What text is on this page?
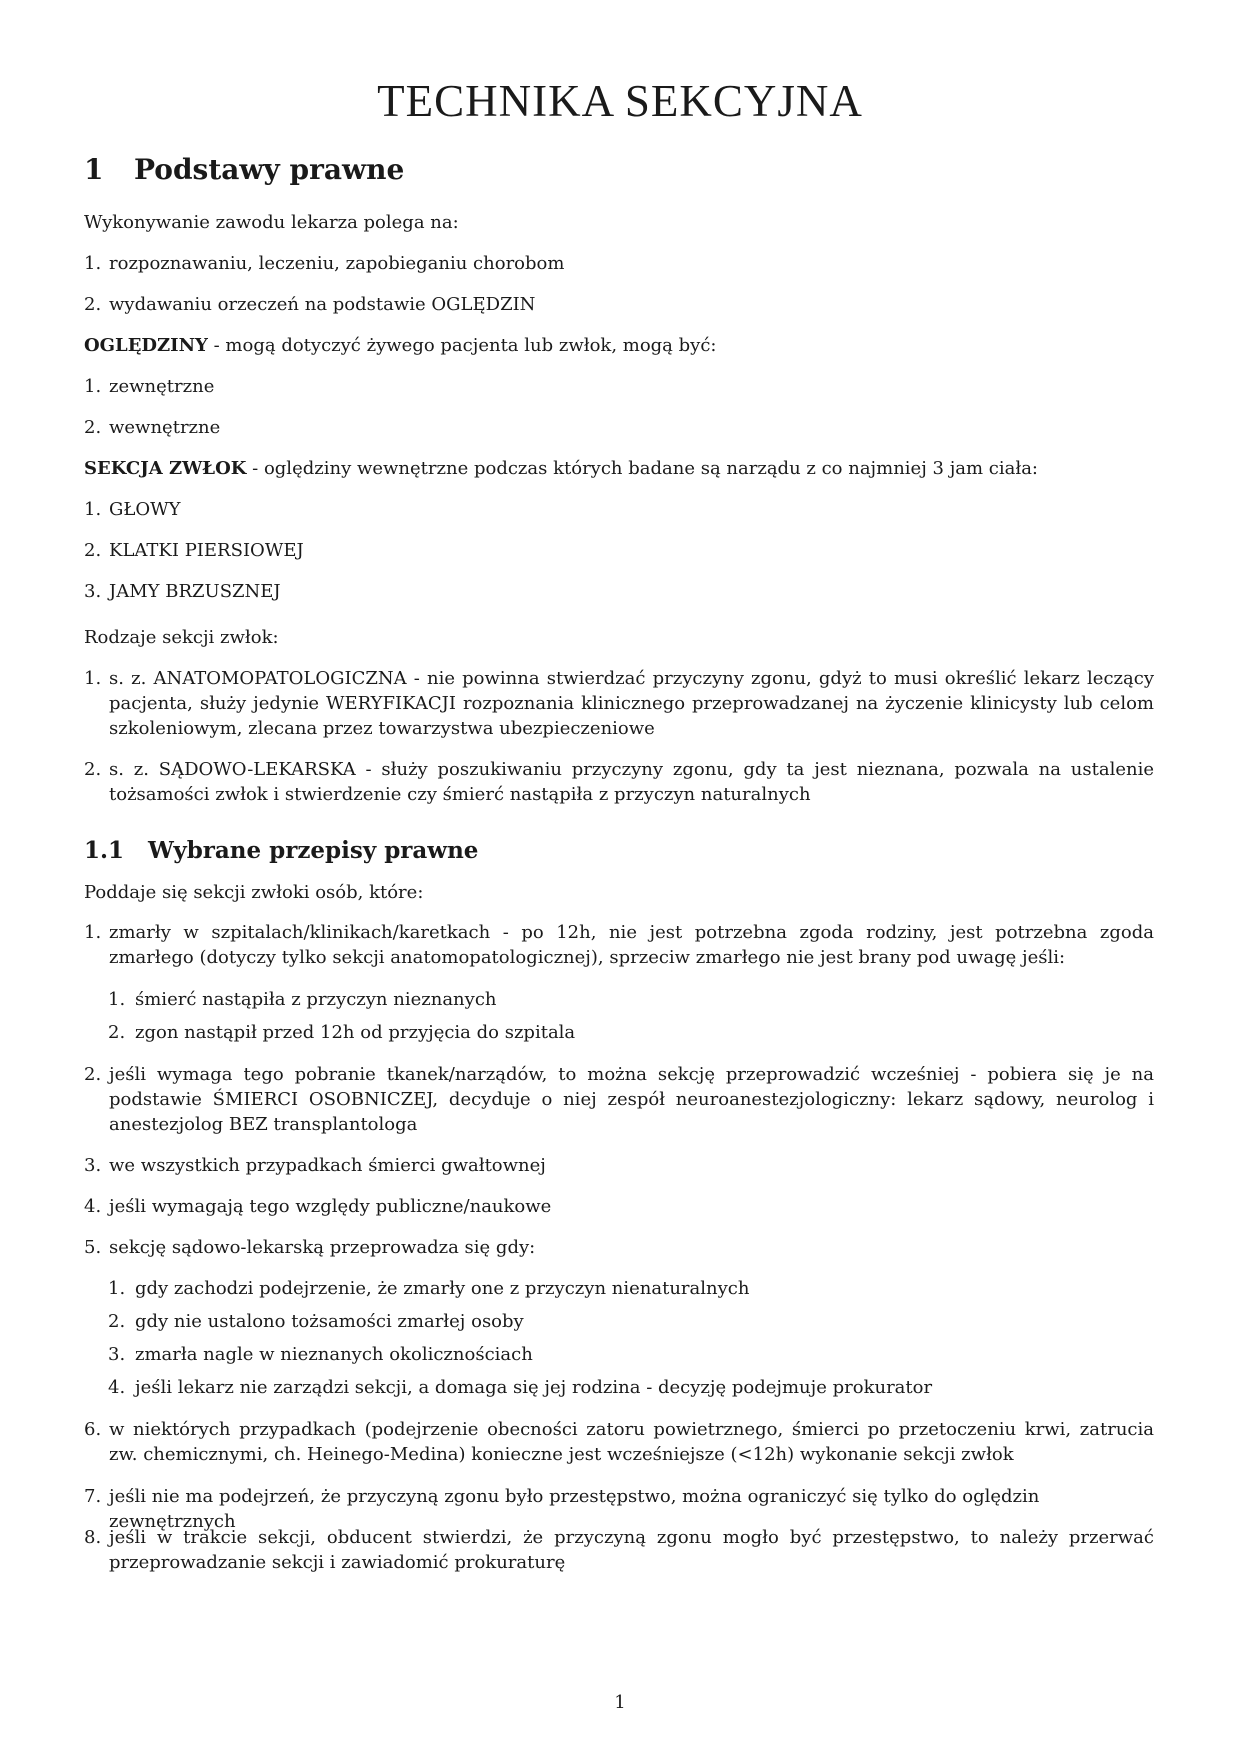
TECHNIKA SEKCYJNA
1 Podstawy prawne

Wykonywanie zawodu lekarza polega na:

1. rozpoznawaniu, leczeniu, zapobieganiu chorobom

2. wydawaniu orzeczeń na podstawie OGLĘDZIN

OGLĘDZINY - mogą dotyczyć żywego pacjenta lub zwłok, mogą być:

1. zewnętrzne

2. wewnętrzne

SEKCJA ZWŁOK - oględziny wewnętrzne podczas których badane są narządu z co najmniej 3 jam ciała:

1. GŁOWY

2. KLATKI PIERSIOWEJ

3. JAMY BRZUSZNEJ

Rodzaje sekcji zwłok:

1. s. z. ANATOMOPATOLOGICZNA - nie powinna stwierdzać przyczyny zgonu, gdyż to musi określić lekarz leczący pacjenta, służy jedynie WERYFIKACJI rozpoznania klinicznego przeprowadzanej na życzenie klinicysty lub celom szkoleniowym, zlecana przez towarzystwa ubezpieczeniowe

2. s. z. SĄDOWO-LEKARSKA - służy poszukiwaniu przyczyny zgonu, gdy ta jest nieznana, pozwala na ustalenie tożsamości zwłok i stwierdzenie czy śmierć nastąpiła z przyczyn naturalnych

1.1 Wybrane przepisy prawne

Poddaje się sekcji zwłoki osób, które:

1. zmarły w szpitalach/klinikach/karetkach - po 12h, nie jest potrzebna zgoda rodziny, jest potrzebna zgoda zmarłego (dotyczy tylko sekcji anatomopatologicznej), sprzeciw zmarłego nie jest brany pod uwagę jeśli:

1. śmierć nastąpiła z przyczyn nieznanych

2. zgon nastąpił przed 12h od przyjęcia do szpitala

2. jeśli wymaga tego pobranie tkanek/narządów, to można sekcję przeprowadzić wcześniej - pobiera się je na podstawie ŚMIERCI OSOBNICZEJ, decyduje o niej zespół neuroanestezjologiczny: lekarz sądowy, neurolog i anestezjolog BEZ transplantologa

3. we wszystkich przypadkach śmierci gwałtownej

4. jeśli wymagają tego względy publiczne/naukowe

5. sekcję sądowo-lekarską przeprowadza się gdy:

1. gdy zachodzi podejrzenie, że zmarły one z przyczyn nienaturalnych

2. gdy nie ustalono tożsamości zmarłej osoby

3. zmarła nagle w nieznanych okolicznościach

4. jeśli lekarz nie zarządzi sekcji, a domaga się jej rodzina - decyzję podejmuje prokurator

6. w niektórych przypadkach (podejrzenie obecności zatoru powietrznego, śmierci po przetoczeniu krwi, zatrucia zw. chemicznymi, ch. Heinego-Medina) konieczne jest wcześniejsze (<12h) wykonanie sekcji zwłok

7. jeśli nie ma podejrzeń, że przyczyną zgonu było przestępstwo, można ograniczyć się tylko do oględzin zewnętrznych

8. jeśli w trakcie sekcji, obducent stwierdzi, że przyczyną zgonu mogło być przestępstwo, to należy przerwać przeprowadzanie sekcji i zawiadomić prokuraturę

1
